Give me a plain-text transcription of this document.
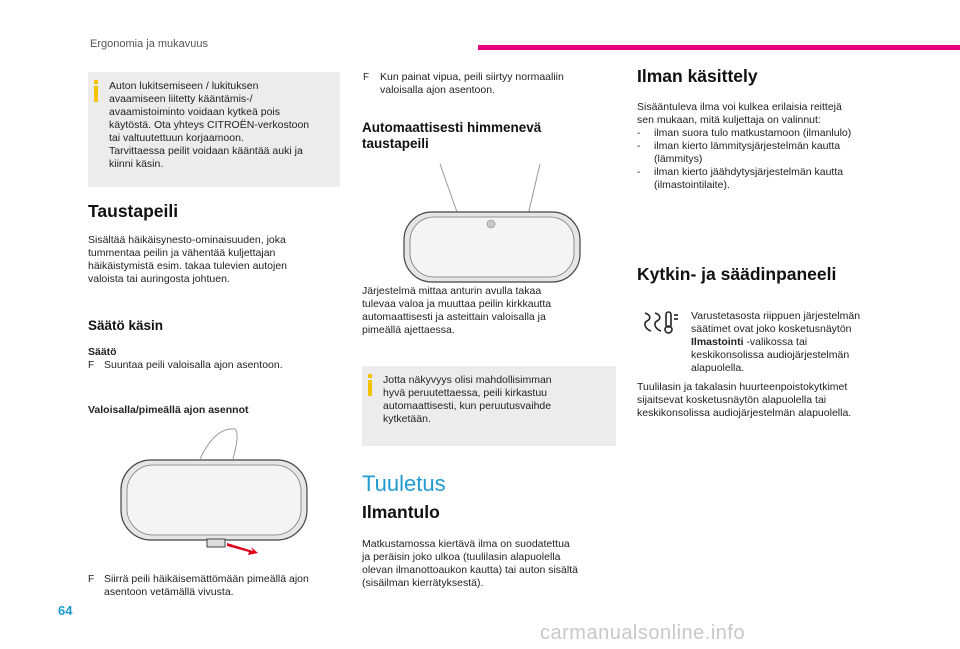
Ergonomia ja mukavuus
Auton lukitsemiseen / lukituksen
avaamiseen liitetty kääntämis-/
avaamistoiminto voidaan kytkeä pois
käytöstä. Ota yhteys CITROËN-verkostoon
tai valtuutettuun korjaamoon.
Tarvittaessa peilit voidaan kääntää auki ja
kiinni käsin.
Taustapeili
Sisältää häikäisynesto-ominaisuuden, joka
tummentaa peilin ja vähentää kuljettajan
häikäistymistä esim. takaa tulevien autojen
valoista tai auringosta johtuen.
Säätö käsin
Säätö
F Suuntaa peili valoisalla ajon asentoon.
Valoisalla/pimeällä ajon asennot
F Siirrä peili häikäisemättömään pimeällä ajon
asentoon vetämällä vivusta.
F Kun painat vipua, peili siirtyy normaaliin
valoisalla ajon asentoon.
Automaattisesti himmenevä
taustapeili
Järjestelmä mittaa anturin avulla takaa
tulevaa valoa ja muuttaa peilin kirkkautta
automaattisesti ja asteittain valoisalla ja
pimeällä ajettaessa.
Jotta näkyvyys olisi mahdollisimman
hyvä peruutettaessa, peili kirkastuu
automaattisesti, kun peruutusvaihde
kytketään.
Tuuletus
Ilmantulo
Matkustamossa kiertävä ilma on suodatettua
ja peräisin joko ulkoa (tuulilasin alapuolella
olevan ilmanottoaukon kautta) tai auton sisältä
(sisäilman kierrätyksestä).
Ilman käsittely
Sisääntuleva ilma voi kulkea erilaisia reittejä
sen mukaan, mitä kuljettaja on valinnut:
- ilman suora tulo matkustamoon (ilmanlulo)
- ilman kierto lämmitysjärjestelmän kautta
(lämmitys)
- ilman kierto jäähdytysjärjestelmän kautta
(ilmastointilaite).
Kytkin- ja säädinpaneeli

Varustetasosta riippuen järjestelmän
säätimet ovat joko kosketusnäytön
Ilmastointi -valikossa tai
keskikonsolissa audiojärjestelmän
alapuolella.

Tuulilasin ja takalasin huurteenpoistokytkimet
sijaitsevat kosketusnäytön alapuolella tai
keskikonsolissa audiojärjestelmän alapuolella.
64
carmanualsonline.info
